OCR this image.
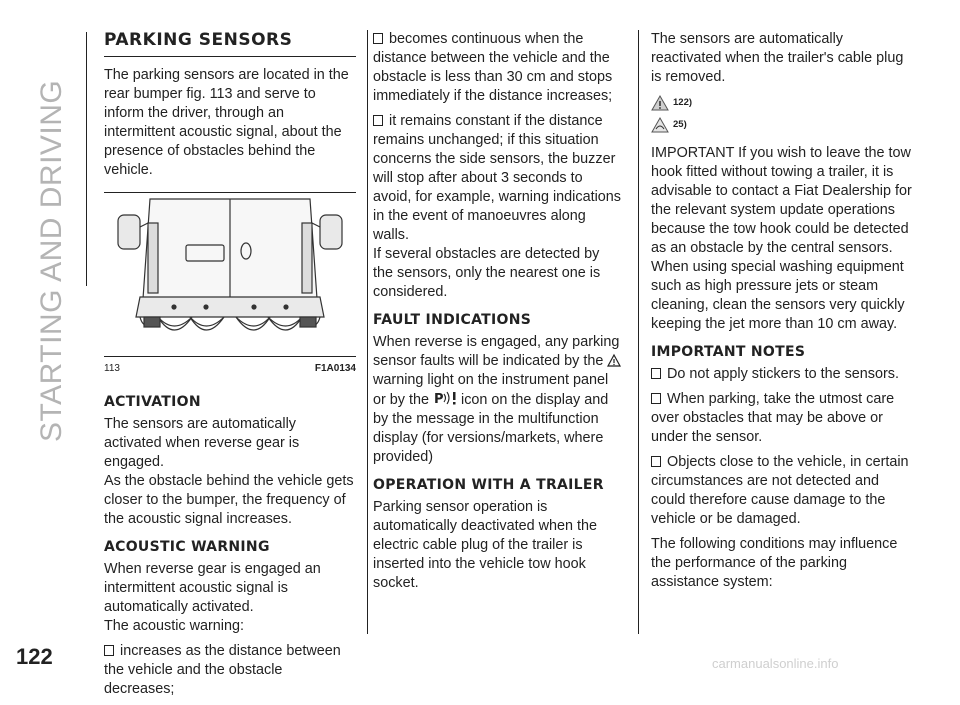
STARTING AND DRIVING
122	carmanualsonline.info
PARKING SENSORS

The parking sensors are located in the rear bumper fig. 113 and serve to inform the driver, through an intermittent acoustic signal, about the presence of obstacles behind the vehicle.

113	F1A0134
ACTIVATION

The sensors are automatically activated when reverse gear is engaged.

As the obstacle behind the vehicle gets closer to the bumper, the frequency of the acoustic signal increases.

ACOUSTIC WARNING

When reverse gear is engaged an intermittent acoustic signal is automatically activated.

The acoustic warning:

increases as the distance between the vehicle and the obstacle decreases;
becomes continuous when the distance between the vehicle and the obstacle is less than 30 cm and stops immediately if the distance increases;
it remains constant if the distance remains unchanged; if this situation concerns the side sensors, the buzzer will stop after about 3 seconds to avoid, for example, warning indications in the event of manoeuvres along walls.

If several obstacles are detected by the sensors, only the nearest one is considered.

FAULT INDICATIONS

When reverse is engaged, any parking sensor faults will be indicated by the  warning light on the instrument panel or by the P icon on the display and by the message in the multifunction display (for versions/markets, where provided)

OPERATION WITH A TRAILER

Parking sensor operation is automatically deactivated when the electric cable plug of the trailer is inserted into the vehicle tow hook socket.

The sensors are automatically reactivated when the trailer's cable plug is removed.

122)
25)

IMPORTANT If you wish to leave the tow hook fitted without towing a trailer, it is advisable to contact a Fiat Dealership for the relevant system update operations because the tow hook could be detected as an obstacle by the central sensors.

When using special washing equipment such as high pressure jets or steam cleaning, clean the sensors very quickly keeping the jet more than 10 cm away.

IMPORTANT NOTES
Do not apply stickers to the sensors.
When parking, take the utmost care over obstacles that may be above or under the sensor.
Objects close to the vehicle, in certain circumstances are not detected and could therefore cause damage to the vehicle or be damaged.

The following conditions may influence the performance of the parking assistance system:
